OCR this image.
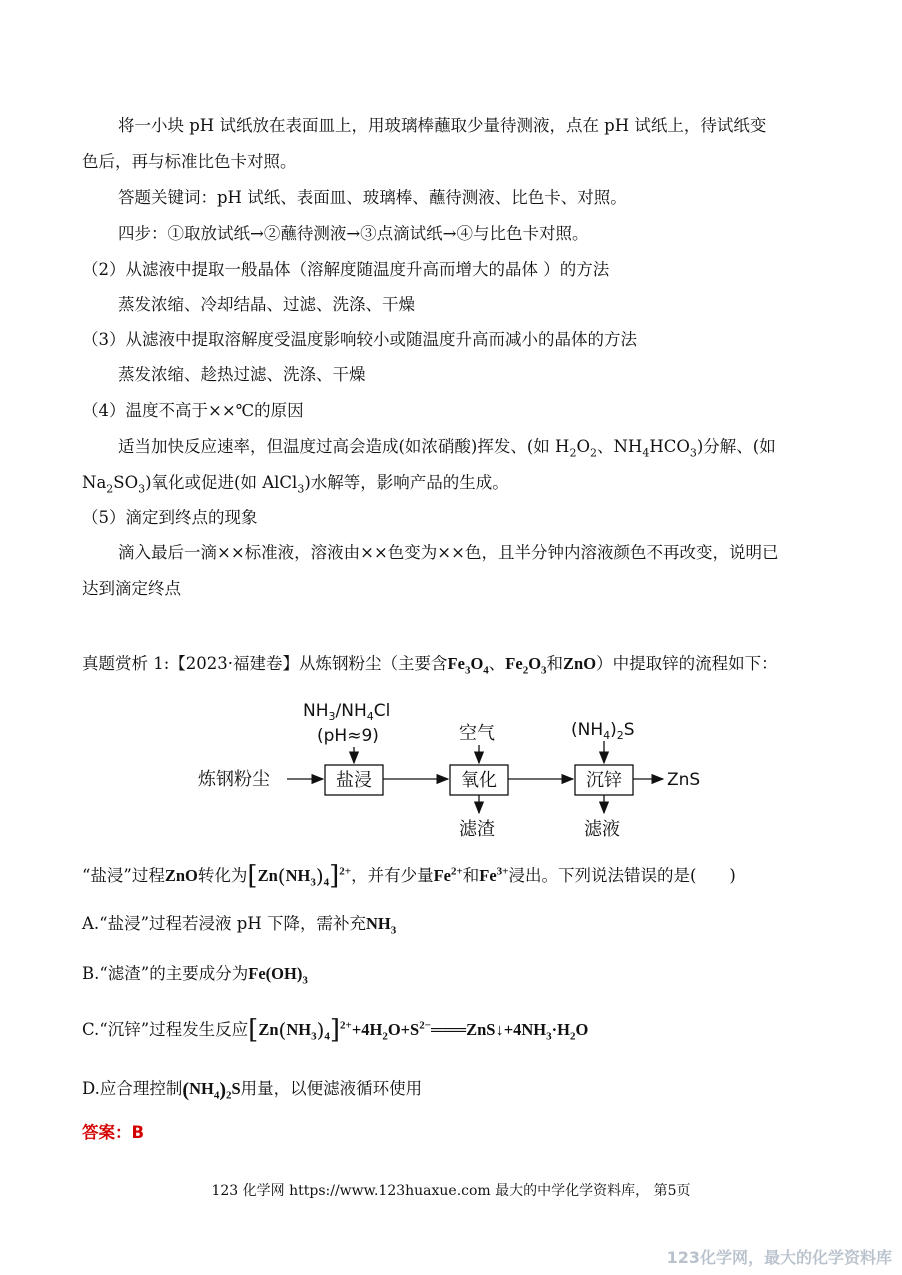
将一小块 pH 试纸放在表面皿上，用玻璃棒蘸取少量待测液，点在 pH 试纸上，待试纸变
色后，再与标准比色卡对照。
答题关键词：pH 试纸、表面皿、玻璃棒、蘸待测液、比色卡、对照。
四步：①取放试纸→②蘸待测液→③点滴试纸→④与比色卡对照。
（2）从滤液中提取一般晶体（溶解度随温度升高而增大的晶体 ）的方法
蒸发浓缩、冷却结晶、过滤、洗涤、干燥
（3）从滤液中提取溶解度受温度影响较小或随温度升高而减小的晶体的方法
蒸发浓缩、趁热过滤、洗涤、干燥
（4）温度不高于××℃的原因
适当加快反应速率，但温度过高会造成(如浓硝酸)挥发、(如 $H_2O_2$、$NH_4HCO_3$)分解、(如
$Na_2SO_3$)氧化或促进(如 AlCl$_3$)水解等，影响产品的生成。
（5）滴定到终点的现象
滴入最后一滴××标准液，溶液由××色变为××色，且半分钟内溶液颜色不再改变，说明已
达到滴定终点
真题赏析 1:【2023·福建卷】从炼钢粉尘（主要含$Fe_3O_4$、$Fe_2O_3$和ZnO）中提取锌的流程如下：
$NH_3/NH_4Cl$
(pH≈9)	空气	$(NH_4)_2S$
炼钢粉尘	盐浸	氧化	沉锌	ZnS
滤渣	滤液
“盐浸”过程ZnO转化为$[Zn(NH_3)_4]^{2+}$，并有少量$Fe^{2+}$和$Fe^{3+}$浸出。下列说法错误的是(　　)
A.“盐浸”过程若浸液 pH 下降，需补充$NH_3$
B.“滤渣”的主要成分为$Fe(OH)_3$
C.“沉锌”过程发生反应$[Zn(NH_3)_4]^{2+}+4H_2O+S^{2-}═══ZnS↓+4NH_3\cdot H_2O$
D.应合理控制$(NH_4)_2S$用量，以便滤液循环使用
答案：B
123 化学网 https://www.123huaxue.com 最大的中学化学资料库， 第5页
123化学网，最大的化学资料库
